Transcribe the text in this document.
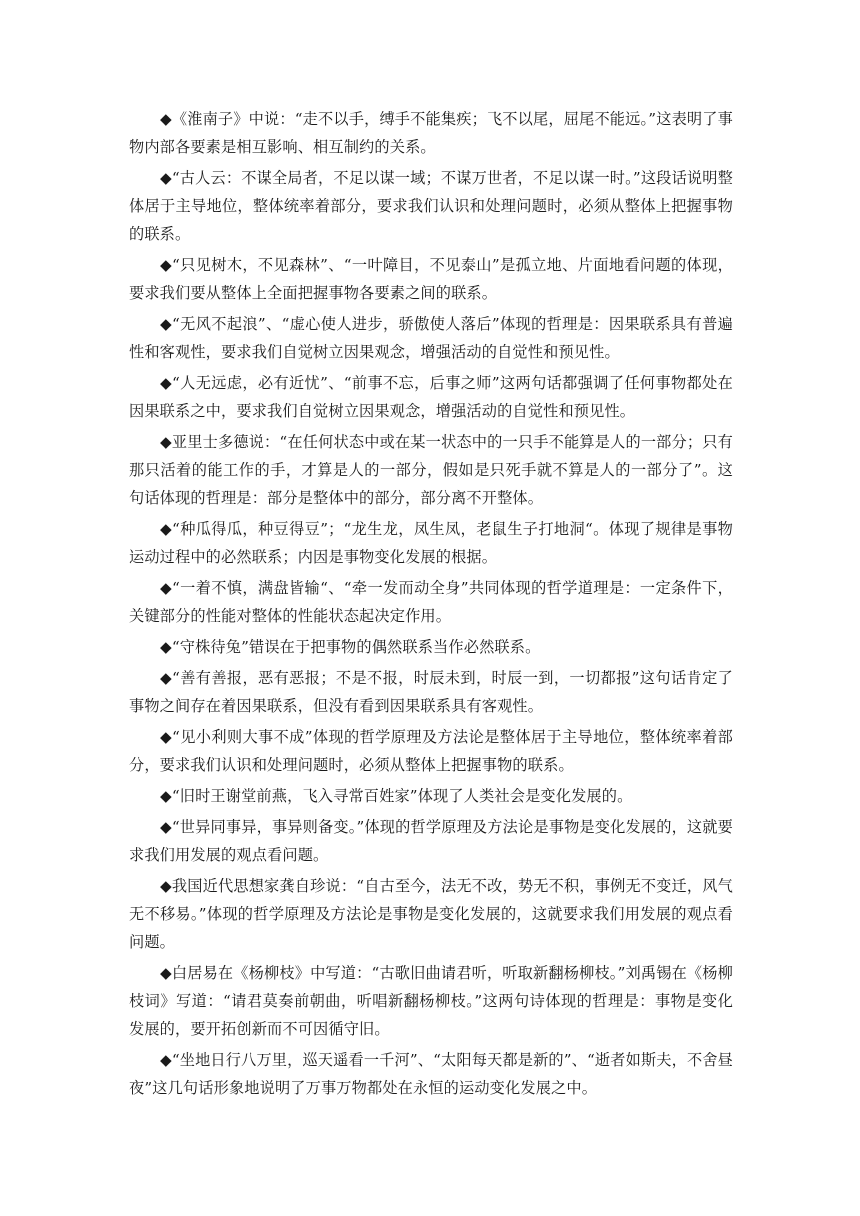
◆《淮南子》中说：“走不以手，缚手不能集疾；飞不以尾，屈尾不能远。”这表明了事物内部各要素是相互影响、相互制约的关系。

◆“古人云：不谋全局者，不足以谋一域；不谋万世者，不足以谋一时。”这段话说明整体居于主导地位，整体统率着部分，要求我们认识和处理问题时，必须从整体上把握事物的联系。

◆“只见树木，不见森林”、“一叶障目，不见泰山”是孤立地、片面地看问题的体现，要求我们要从整体上全面把握事物各要素之间的联系。

◆“无风不起浪”、“虚心使人进步，骄傲使人落后”体现的哲理是：因果联系具有普遍性和客观性，要求我们自觉树立因果观念，增强活动的自觉性和预见性。

◆“人无远虑，必有近忧”、“前事不忘，后事之师”这两句话都强调了任何事物都处在因果联系之中，要求我们自觉树立因果观念，增强活动的自觉性和预见性。

◆亚里士多德说：“在任何状态中或在某一状态中的一只手不能算是人的一部分；只有那只活着的能工作的手，才算是人的一部分，假如是只死手就不算是人的一部分了”。这句话体现的哲理是：部分是整体中的部分，部分离不开整体。

◆“种瓜得瓜，种豆得豆”；“龙生龙，凤生凤，老鼠生子打地洞“。体现了规律是事物运动过程中的必然联系；内因是事物变化发展的根据。

◆“一着不慎，满盘皆输“、“牵一发而动全身”共同体现的哲学道理是：一定条件下，关键部分的性能对整体的性能状态起决定作用。

◆“守株待兔”错误在于把事物的偶然联系当作必然联系。

◆“善有善报，恶有恶报；不是不报，时辰未到，时辰一到，一切都报”这句话肯定了事物之间存在着因果联系，但没有看到因果联系具有客观性。

◆“见小利则大事不成”体现的哲学原理及方法论是整体居于主导地位，整体统率着部分，要求我们认识和处理问题时，必须从整体上把握事物的联系。

◆“旧时王谢堂前燕，飞入寻常百姓家”体现了人类社会是变化发展的。

◆“世异同事异，事异则备变。”体现的哲学原理及方法论是事物是变化发展的，这就要求我们用发展的观点看问题。

◆我国近代思想家龚自珍说：“自古至今，法无不改，势无不积，事例无不变迁，风气无不移易。”体现的哲学原理及方法论是事物是变化发展的，这就要求我们用发展的观点看问题。

◆白居易在《杨柳枝》中写道：“古歌旧曲请君听，听取新翻杨柳枝。”刘禹锡在《杨柳枝词》写道：“请君莫奏前朝曲，听唱新翻杨柳枝。”这两句诗体现的哲理是：事物是变化发展的，要开拓创新而不可因循守旧。

◆“坐地日行八万里，巡天遥看一千河”、“太阳每天都是新的”、“逝者如斯夫，不舍昼夜”这几句话形象地说明了万事万物都处在永恒的运动变化发展之中。
